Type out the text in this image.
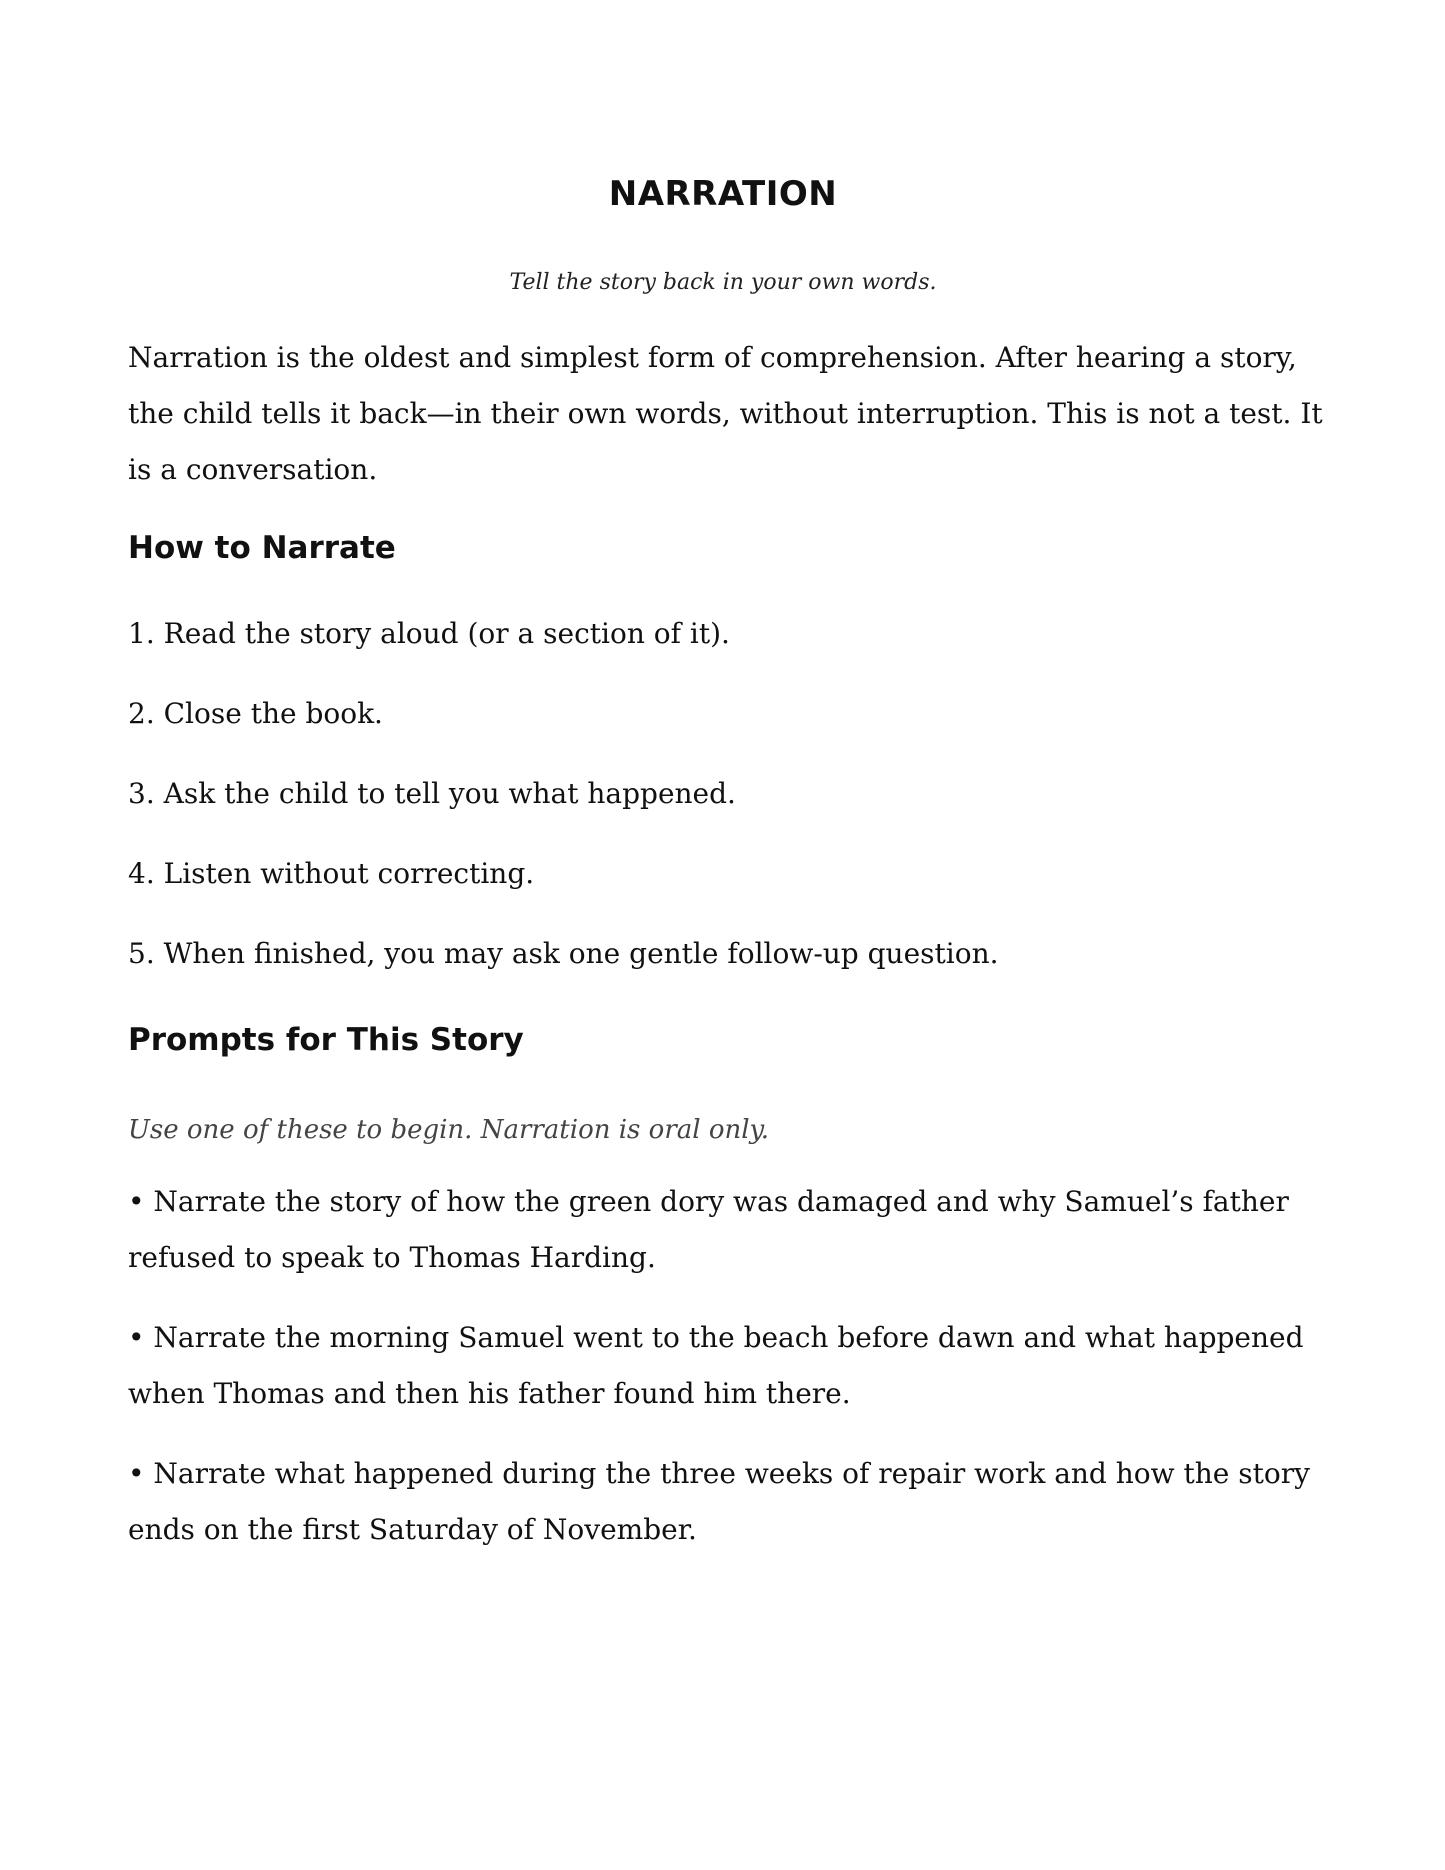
NARRATION
Tell the story back in your own words.

Narration is the oldest and simplest form of comprehension. After hearing a story, the child tells it back—in their own words, without interruption. This is not a test. It is a conversation.

How to Narrate

1. Read the story aloud (or a section of it).

2. Close the book.

3. Ask the child to tell you what happened.

4. Listen without correcting.

5. When finished, you may ask one gentle follow-up question.

Prompts for This Story

Use one of these to begin. Narration is oral only.

• Narrate the story of how the green dory was damaged and why Samuel’s father refused to speak to Thomas Harding.

• Narrate the morning Samuel went to the beach before dawn and what happened when Thomas and then his father found him there.

• Narrate what happened during the three weeks of repair work and how the story ends on the first Saturday of November.
